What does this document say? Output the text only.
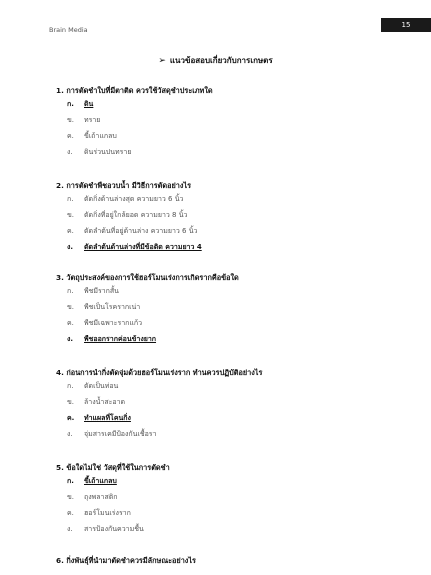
Brain Media
15
➢ แนวข้อสอบเกี่ยวกับการเกษตร
1. การตัดชำใบที่มีตาติด ควรใช้วัสดุชำประเภทใด
ก. ดิน
ข. ทราย
ค. ขี้เถ้าแกลบ
ง. ดินร่วนปนทราย
2. การตัดชำพืชอวบน้ำ มีวิธีการตัดอย่างไร
ก. ตัดกิ่งด้านล่างสุด ความยาว 6 นิ้ว
ข. ตัดกิ่งที่อยู่ใกล้ยอด ความยาว 8 นิ้ว
ค. ตัดลำต้นที่อยู่ด้านล่าง ความยาว 6 นิ้ว
ง. ตัดลำต้นด้านล่างที่มีข้อติด ความยาว 4
3. วัตถุประสงค์ของการใช้ฮอร์โมนเร่งการเกิดรากคือข้อใด
ก. พืชมีรากสั้น
ข. พืชเป็นโรครากเน่า
ค. พืชมีเฉพาะรากแก้ว
ง. พืชออกรากค่อนข้างยาก
4. ก่อนการนำกิ่งตัดจุ่มด้วยฮอร์โมนเร่งราก ทำนควรปฏิบัติอย่างไร
ก. ตัดเป็นท่อน
ข. ล้างน้ำสะอาด
ค. ทำแผลที่โคนกิ่ง
ง. จุ่มสารเคมีป้องกันเชื้อรา
5. ข้อใดไม่ใช่ วัสดุที่ใช้ในการตัดชำ
ก. ขี้เถ้าแกลบ
ข. ถุงพลาสติก
ค. ฮอร์โมนเร่งราก
ง. สารป้องกันความชื้น
6. กิ่งพันธุ์ที่นำมาตัดชำควรมีลักษณะอย่างไร
